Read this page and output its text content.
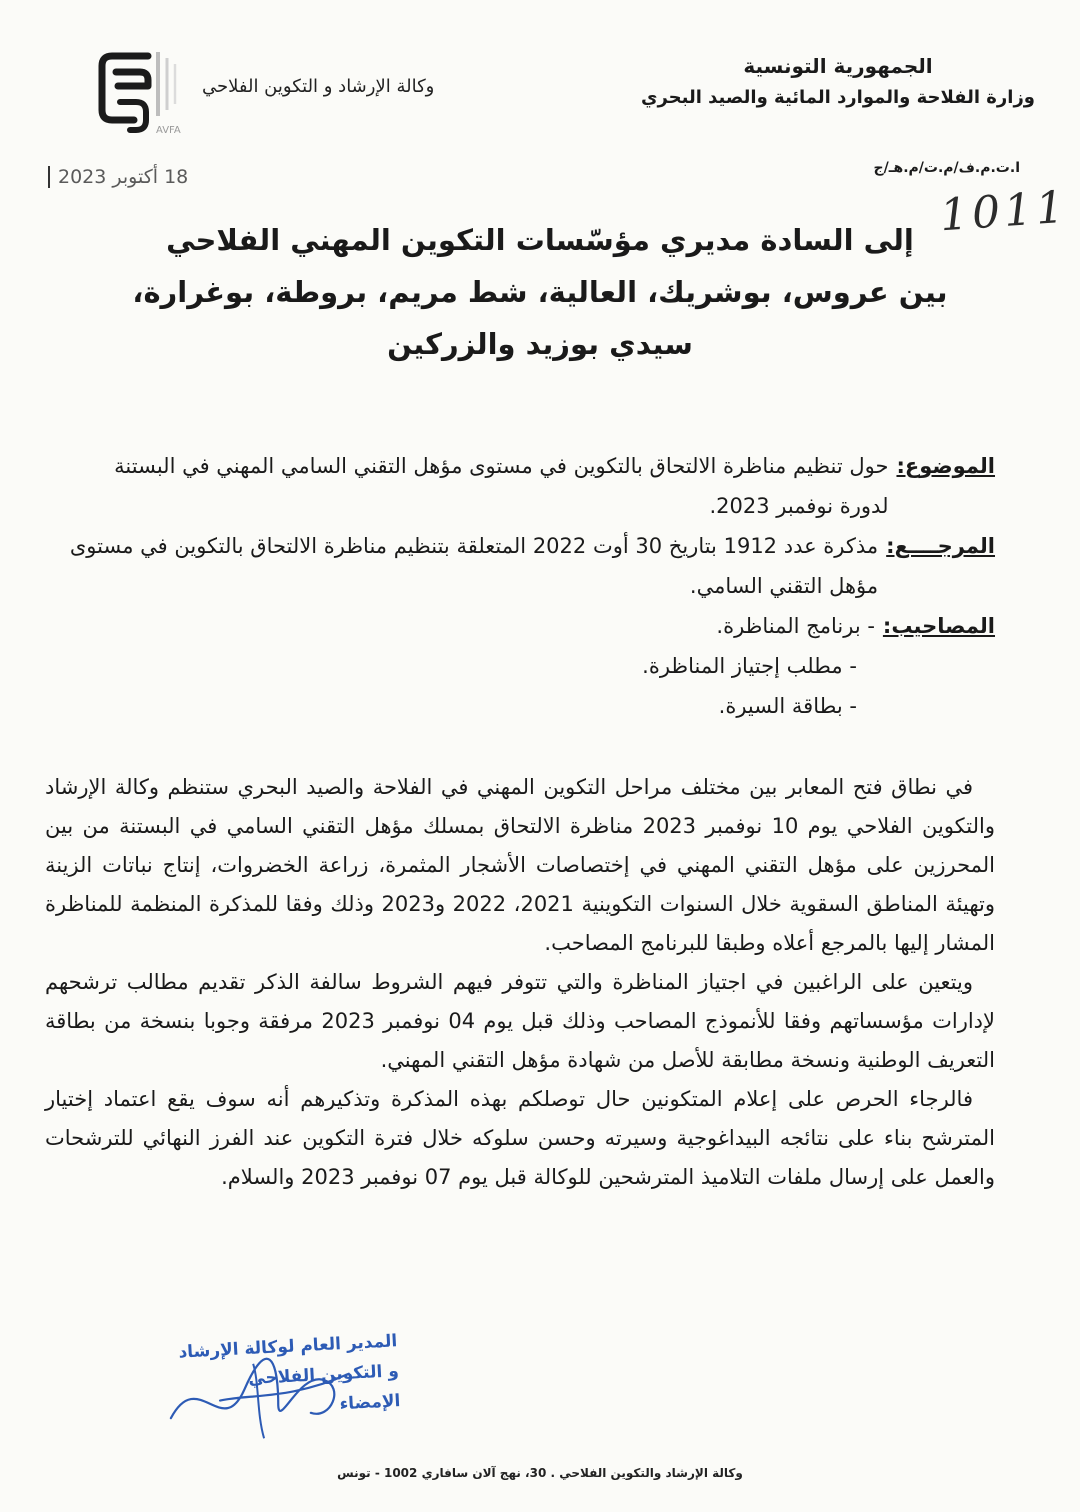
الجمهورية التونسية
وزارة الفلاحة والموارد المائية والصيد البحري
AVFA
وكالة الإرشاد و التكوين الفلاحي
18 أكتوبر 2023	ا.ت.م.ف/م.ت/م.هـ/ج
1011
إلى السادة مديري مؤسّسات التكوين المهني الفلاحي
بين عروس، بوشريك، العالية، شط مريم، بروطة، بوغرارة،
سيدي بوزيد والزركين
الموضوع:
حول تنظيم مناظرة الالتحاق بالتكوين في مستوى مؤهل التقني السامي المهني في البستنة لدورة نوفمبر 2023.
المرجــــع:
مذكرة عدد 1912 بتاريخ 30 أوت 2022 المتعلقة بتنظيم مناظرة الالتحاق بالتكوين في مستوى مؤهل التقني السامي.
المصاحيب:
- برنامج المناظرة.
- مطلب إجتياز المناظرة.
- بطاقة السيرة.

في نطاق فتح المعابر بين مختلف مراحل التكوين المهني في الفلاحة والصيد البحري ستنظم وكالة الإرشاد والتكوين الفلاحي يوم 10 نوفمبر 2023 مناظرة الالتحاق بمسلك مؤهل التقني السامي في البستنة من بين المحرزين على مؤهل التقني المهني في إختصاصات الأشجار المثمرة، زراعة الخضروات، إنتاج نباتات الزينة وتهيئة المناطق السقوية خلال السنوات التكوينية 2021، 2022 و2023 وذلك وفقا للمذكرة المنظمة للمناظرة المشار إليها بالمرجع أعلاه وطبقا للبرنامج المصاحب.

ويتعين على الراغبين في اجتياز المناظرة والتي تتوفر فيهم الشروط سالفة الذكر تقديم مطالب ترشحهم لإدارات مؤسساتهم وفقا للأنموذج المصاحب وذلك قبل يوم 04 نوفمبر 2023 مرفقة وجوبا بنسخة من بطاقة التعريف الوطنية ونسخة مطابقة للأصل من شهادة مؤهل التقني المهني.

فالرجاء الحرص على إعلام المتكونين حال توصلكم بهذه المذكرة وتذكيرهم أنه سوف يقع اعتماد إختيار المترشح بناء على نتائجه البيداغوجية وسيرته وحسن سلوكه خلال فترة التكوين عند الفرز النهائي للترشحات والعمل على إرسال ملفات التلاميذ المترشحين للوكالة قبل يوم 07 نوفمبر 2023 والسلام.

المدير العام لوكالة الإرشاد
و التكوين الفلاحي
الإمضاء
وكالة الإرشاد والتكوين الفلاحي . 30، نهج آلان سافاري 1002 - تونس
